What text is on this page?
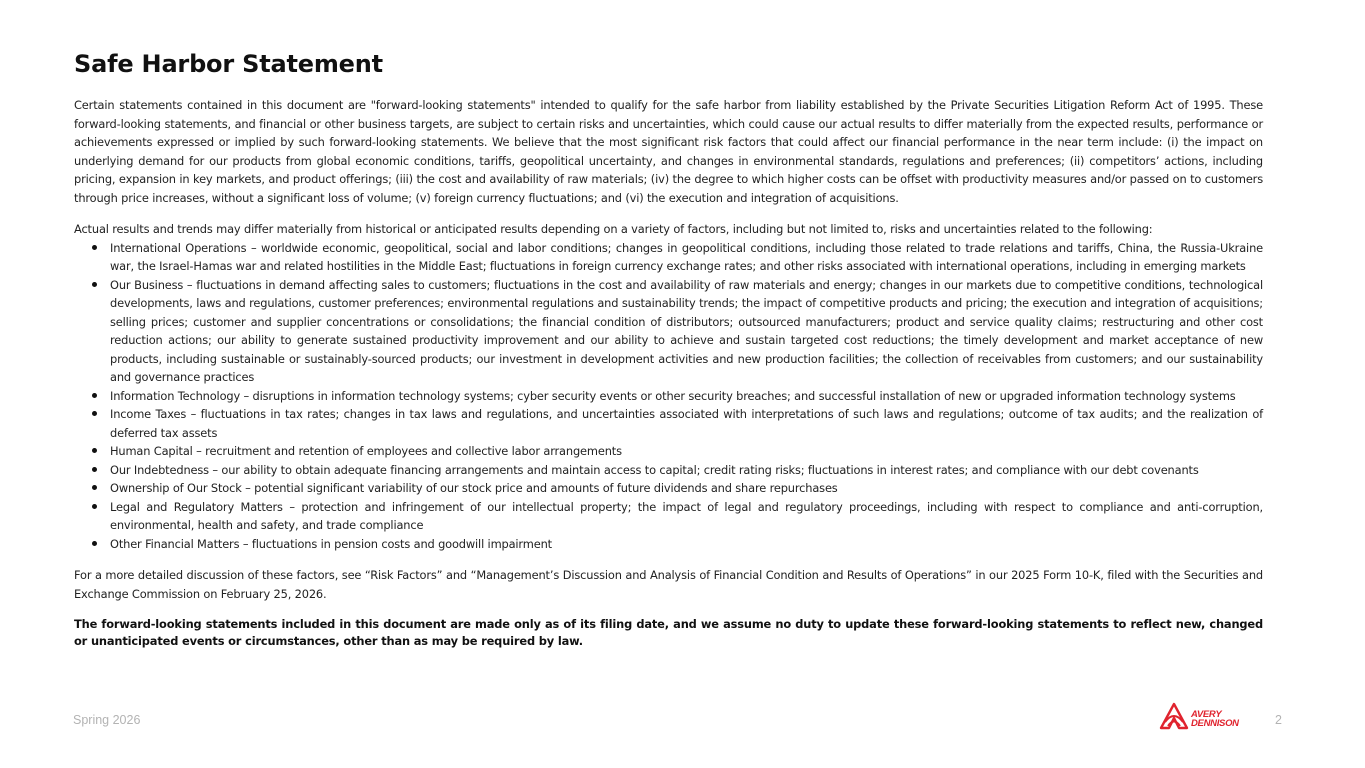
Safe Harbor Statement

Certain statements contained in this document are "forward-looking statements" intended to qualify for the safe harbor from liability established by the Private Securities Litigation Reform Act of 1995. These forward-looking statements, and financial or other business targets, are subject to certain risks and uncertainties, which could cause our actual results to differ materially from the expected results, performance or achievements expressed or implied by such forward-looking statements. We believe that the most significant risk factors that could affect our financial performance in the near term include: (i) the impact on underlying demand for our products from global economic conditions, tariffs, geopolitical uncertainty, and changes in environmental standards, regulations and preferences; (ii) competitors’ actions, including pricing, expansion in key markets, and product offerings; (iii) the cost and availability of raw materials; (iv) the degree to which higher costs can be offset with productivity measures and/or passed on to customers through price increases, without a significant loss of volume; (v) foreign currency fluctuations; and (vi) the execution and integration of acquisitions.

Actual results and trends may differ materially from historical or anticipated results depending on a variety of factors, including but not limited to, risks and uncertainties related to the following:

International Operations – worldwide economic, geopolitical, social and labor conditions; changes in geopolitical conditions, including those related to trade relations and tariffs, China, the Russia-Ukraine war, the Israel-Hamas war and related hostilities in the Middle East; fluctuations in foreign currency exchange rates; and other risks associated with international operations, including in emerging markets
Our Business – fluctuations in demand affecting sales to customers; fluctuations in the cost and availability of raw materials and energy; changes in our markets due to competitive conditions, technological developments, laws and regulations, customer preferences; environmental regulations and sustainability trends; the impact of competitive products and pricing; the execution and integration of acquisitions; selling prices; customer and supplier concentrations or consolidations; the financial condition of distributors; outsourced manufacturers; product and service quality claims; restructuring and other cost reduction actions; our ability to generate sustained productivity improvement and our ability to achieve and sustain targeted cost reductions; the timely development and market acceptance of new products, including sustainable or sustainably-sourced products; our investment in development activities and new production facilities; the collection of receivables from customers; and our sustainability and governance practices
Information Technology – disruptions in information technology systems; cyber security events or other security breaches; and successful installation of new or upgraded information technology systems
Income Taxes – fluctuations in tax rates; changes in tax laws and regulations, and uncertainties associated with interpretations of such laws and regulations; outcome of tax audits; and the realization of deferred tax assets
Human Capital – recruitment and retention of employees and collective labor arrangements
Our Indebtedness – our ability to obtain adequate financing arrangements and maintain access to capital; credit rating risks; fluctuations in interest rates; and compliance with our debt covenants
Ownership of Our Stock – potential significant variability of our stock price and amounts of future dividends and share repurchases
Legal and Regulatory Matters – protection and infringement of our intellectual property; the impact of legal and regulatory proceedings, including with respect to compliance and anti-corruption, environmental, health and safety, and trade compliance
Other Financial Matters – fluctuations in pension costs and goodwill impairment

For a more detailed discussion of these factors, see “Risk Factors” and “Management’s Discussion and Analysis of Financial Condition and Results of Operations” in our 2025 Form 10-K, filed with the Securities and Exchange Commission on February 25, 2026.

The forward-looking statements included in this document are made only as of its filing date, and we assume no duty to update these forward-looking statements to reflect new, changed or unanticipated events or circumstances, other than as may be required by law.

Spring 2026	AVERY
DENNISON	2
